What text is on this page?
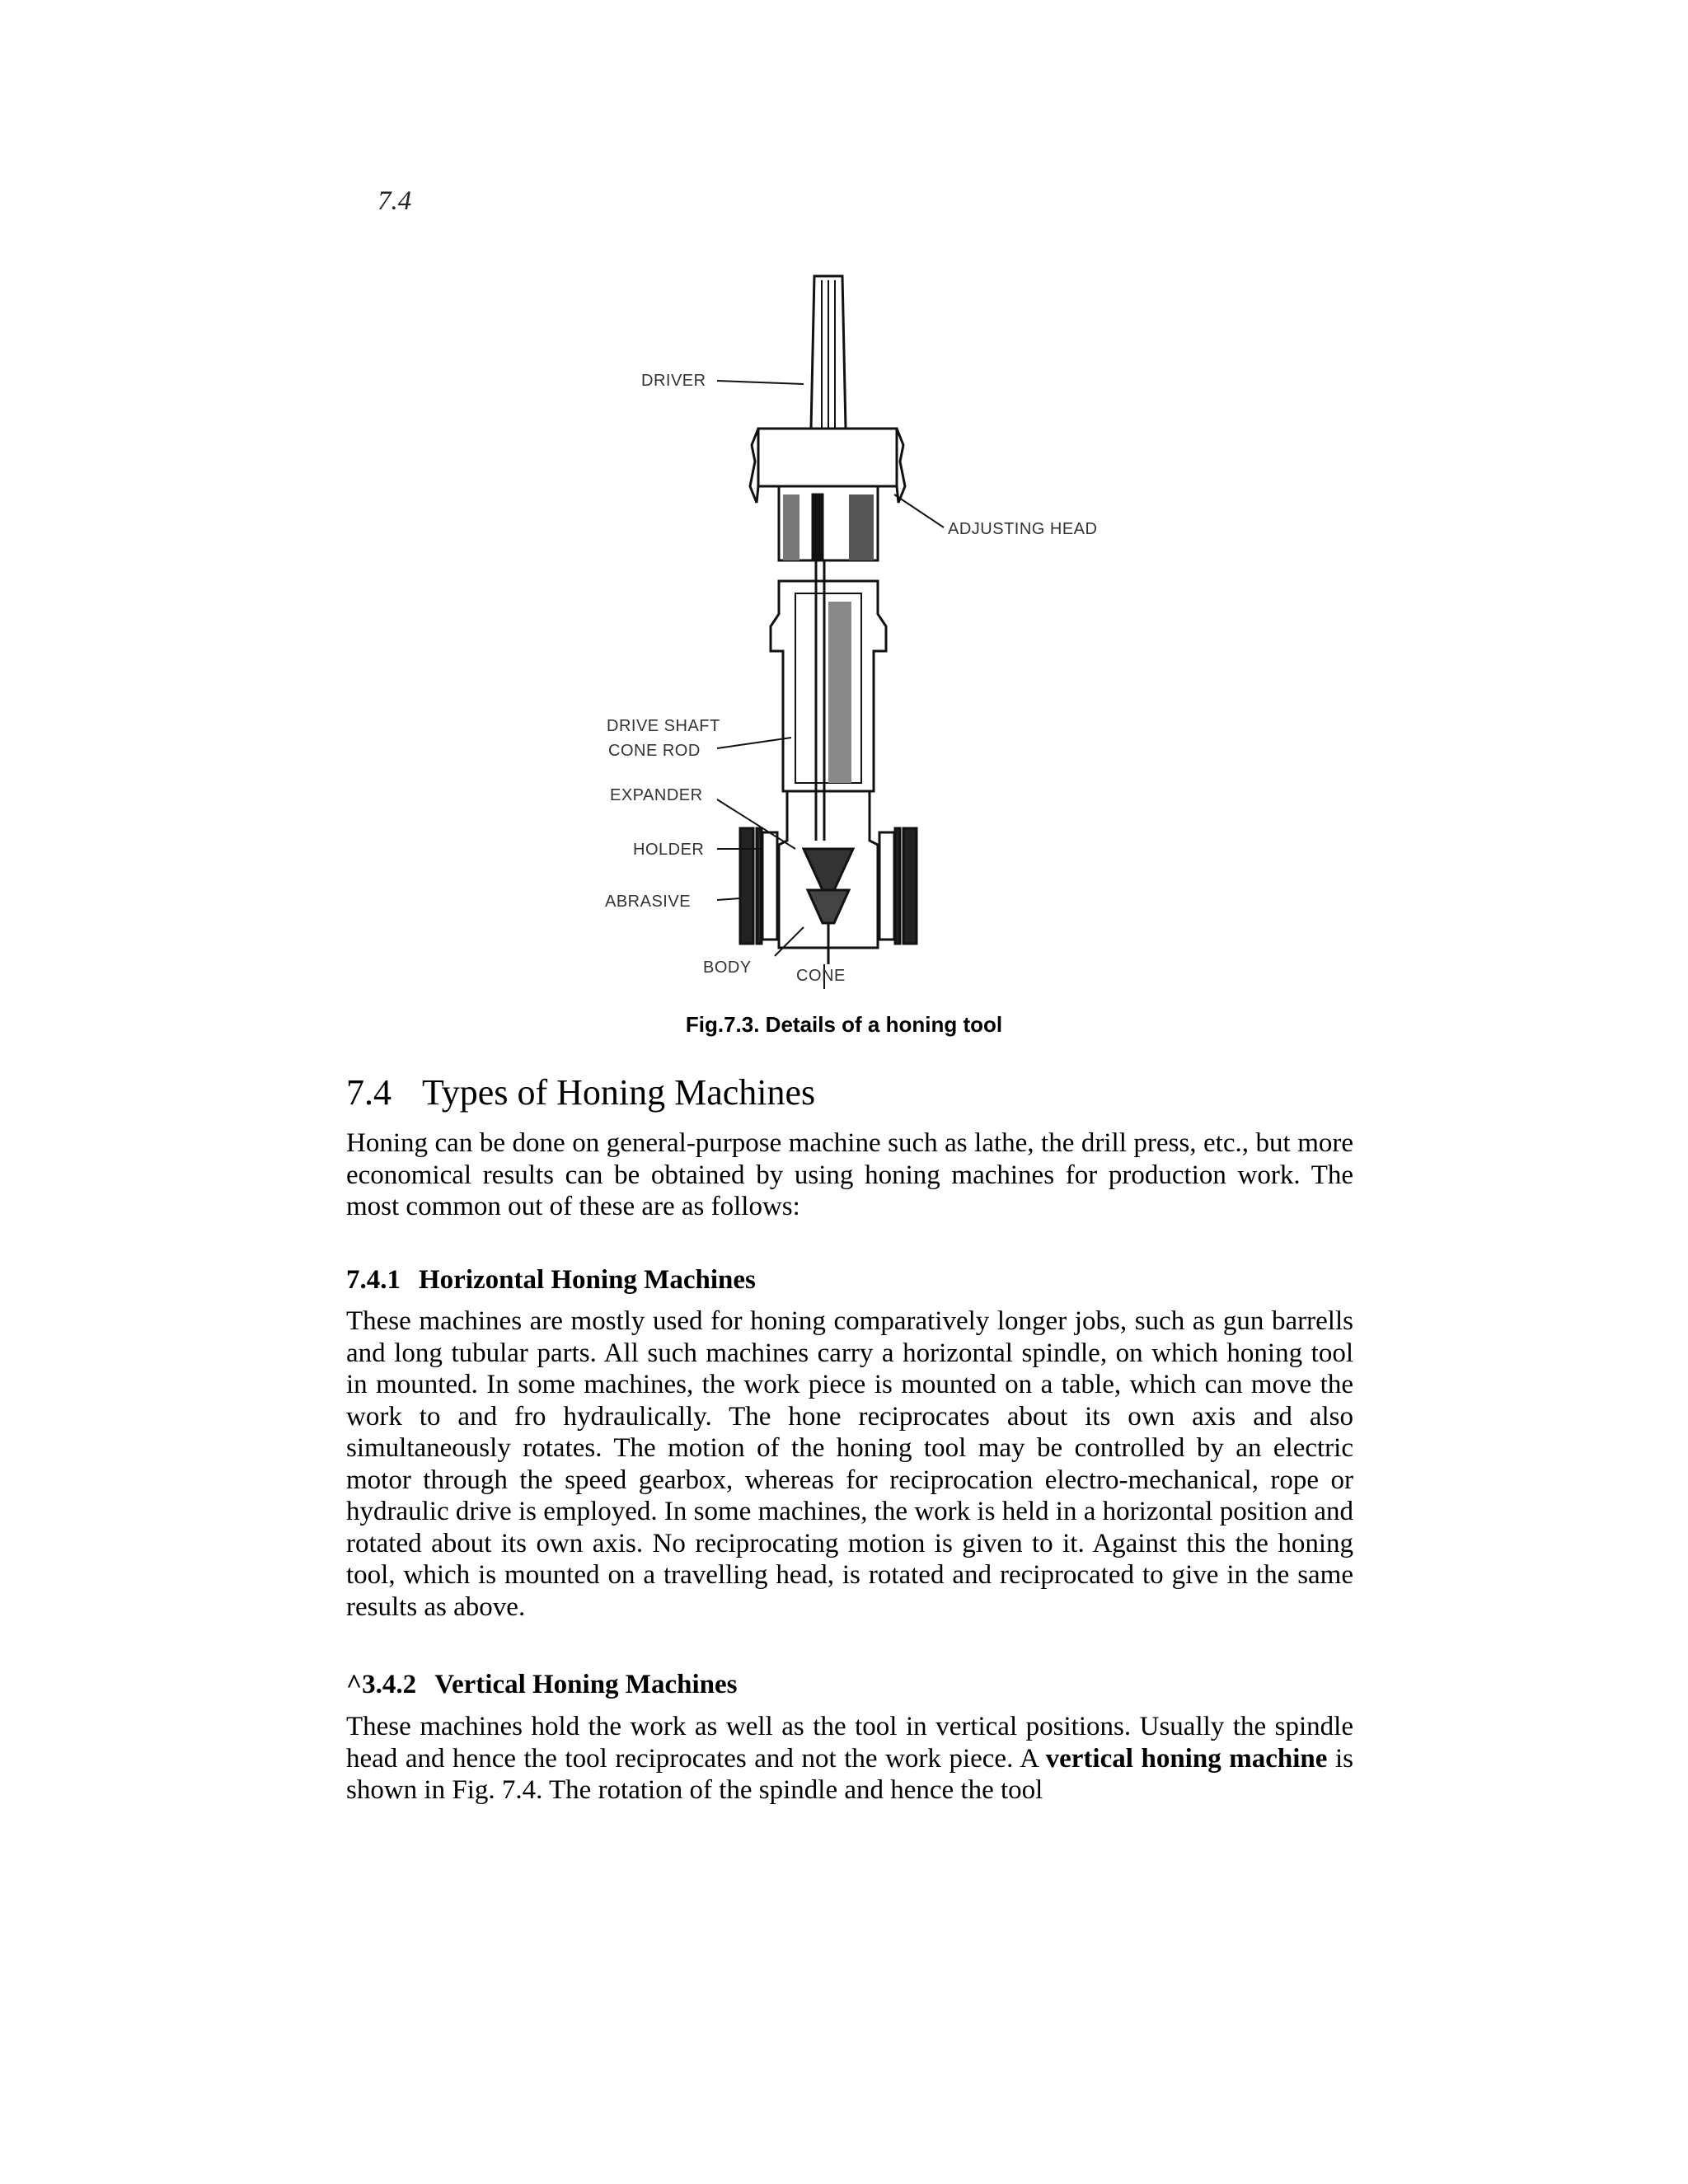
7.4
DRIVER
ADJUSTING HEAD
DRIVE SHAFT
CONE ROD
EXPANDER
HOLDER
ABRASIVE
BODY	CONE
Fig.7.3. Details of a honing tool
7.4 Types of Honing Machines

Honing can be done on general-purpose machine such as lathe, the drill press, etc., but more economical results can be obtained by using honing machines for production work. The most common out of these are as follows:

7.4.1 Horizontal Honing Machines

These machines are mostly used for honing comparatively longer jobs, such as gun barrells and long tubular parts. All such machines carry a horizontal spindle, on which honing tool in mounted. In some machines, the work piece is mounted on a table, which can move the work to and fro hydraulically. The hone reciprocates about its own axis and also simultaneously rotates. The motion of the honing tool may be controlled by an electric motor through the speed gearbox, whereas for reciprocation electro-mechanical, rope or hydraulic drive is employed. In some machines, the work is held in a horizontal position and rotated about its own axis. No reciprocating motion is given to it. Against this the honing tool, which is mounted on a travelling head, is rotated and reciprocated to give in the same results as above.

^3.4.2 Vertical Honing Machines

These machines hold the work as well as the tool in vertical positions. Usually the spindle head and hence the tool reciprocates and not the work piece. A vertical honing machine is shown in Fig. 7.4. The rotation of the spindle and hence the tool
